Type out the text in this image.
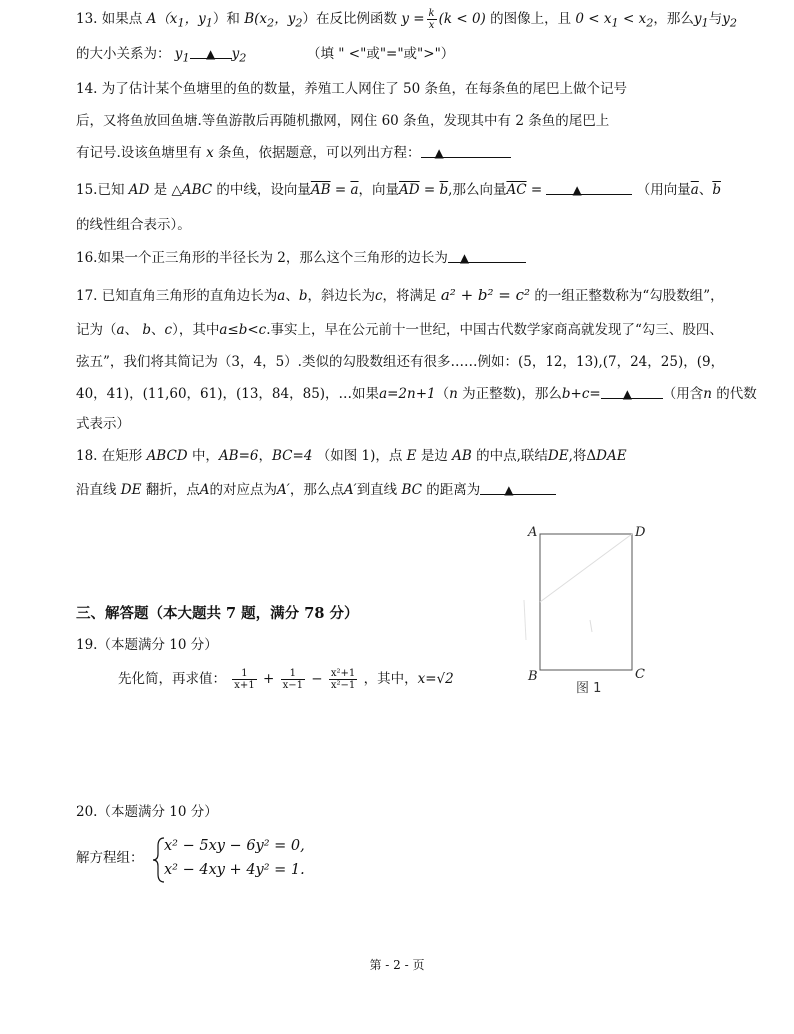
13. 如果点 $A(x_1$，$y_1$）和 $B(x_2$，$y_2$）在反比例函数 $y = \frac{k}{x} (k < 0)$ 的图像上，且 $0 < x_1 < x_2$，那么$y_1$与$y_2$
的大小关系为： $y_1$ ▲ $y_2$	（填 " <"或"="或">"）
14. 为了估计某个鱼塘里的鱼的数量，养殖工人网住了 50 条鱼，在每条鱼的尾巴上做个记号
后，又将鱼放回鱼塘.等鱼游散后再随机撒网，网住 60 条鱼，发现其中有 2 条鱼的尾巴上
有记号.设该鱼塘里有 x 条鱼，依据题意，可以列出方程： ▲
15.已知 AD 是 △ABC 的中线，设向量$\overline{AB} = \overline{a}$，向量$\overline{AD} = \overline{b}$,那么向量$\overline{AC}$ = ▲	（用向量$\overline{a}$、$\overline{b}$
的线性组合表示）。
16.如果一个正三角形的半径长为 2，那么这个三角形的边长为 ▲
17. 已知直角三角形的直角边长为a、b，斜边长为c，将满足 a² + b² = c² 的一组正整数称为“勾股数组”，
记为（a、 b、c），其中a≤b<c.事实上，早在公元前十一世纪，中国古代数学家商高就发现了“勾三、股四、
弦五”，我们将其简记为（3，4，5）.类似的勾股数组还有很多……例如：(5，12，13),(7，24，25)，(9，
40，41)，(11,60，61)，(13，84，85)，…如果a=2n+1（n 为正整数)，那么b+c= ▲ （用含n 的代数
式表示）
18. 在矩形 ABCD 中，AB=6，BC=4 （如图 1)，点 E 是边 AB 的中点,联结DE,将ΔDAE
沿直线 DE 翻折，点A的对应点为A′，那么点A′到直线 BC 的距离为 ▲
A	D
B	C
图 1
三、解答题（本大题共 7 题，满分 78 分）
19.（本题满分 10 分）
先化简，再求值： $\frac{1}{x+1} + \frac{1}{x-1} - \frac{\text{x²+1}}{\text{x²−1}}$ ，其中，x=√2
20.（本题满分 10 分）
解方程组：
x² − 5xy − 6y² = 0,
x² − 4xy + 4y² = 1.
第 - 2 - 页
